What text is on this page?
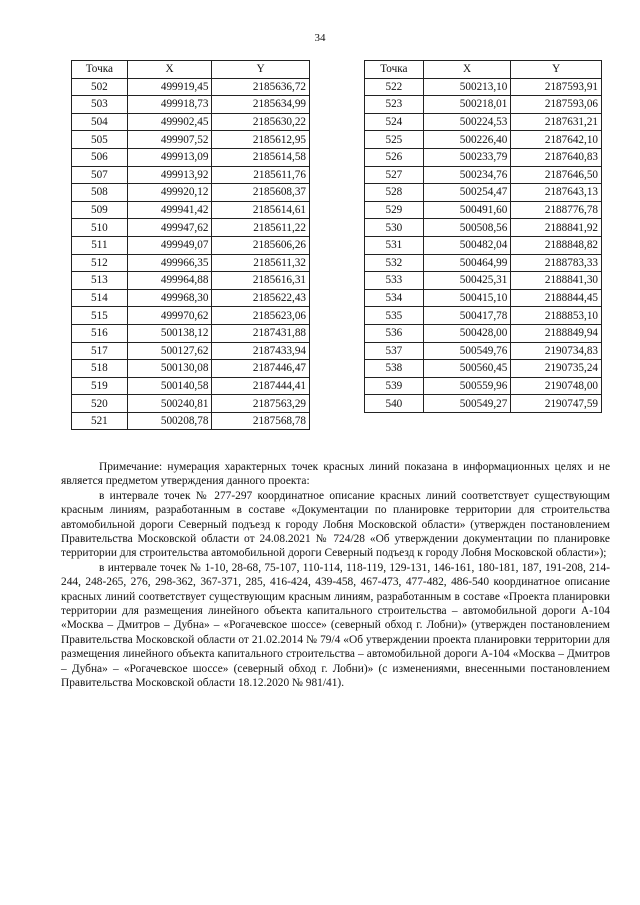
34
Точка	X	Y
502	499919,45	2185636,72
503	499918,73	2185634,99
504	499902,45	2185630,22
505	499907,52	2185612,95
506	499913,09	2185614,58
507	499913,92	2185611,76
508	499920,12	2185608,37
509	499941,42	2185614,61
510	499947,62	2185611,22
511	499949,07	2185606,26
512	499966,35	2185611,32
513	499964,88	2185616,31
514	499968,30	2185622,43
515	499970,62	2185623,06
516	500138,12	2187431,88
517	500127,62	2187433,94
518	500130,08	2187446,47
519	500140,58	2187444,41
520	500240,81	2187563,29
521	500208,78	2187568,78
Точка	X	Y
522	500213,10	2187593,91
523	500218,01	2187593,06
524	500224,53	2187631,21
525	500226,40	2187642,10
526	500233,79	2187640,83
527	500234,76	2187646,50
528	500254,47	2187643,13
529	500491,60	2188776,78
530	500508,56	2188841,92
531	500482,04	2188848,82
532	500464,99	2188783,33
533	500425,31	2188841,30
534	500415,10	2188844,45
535	500417,78	2188853,10
536	500428,00	2188849,94
537	500549,76	2190734,83
538	500560,45	2190735,24
539	500559,96	2190748,00
540	500549,27	2190747,59

Примечание: нумерация характерных точек красных линий показана в информационных целях и не является предметом утверждения данного проекта:

в интервале точек № 277-297 координатное описание красных линий соответствует существующим красным линиям, разработанным в составе «Документации по планировке территории для строительства автомобильной дороги Северный подъезд к городу Лобня Московской области» (утвержден постановлением Правительства Московской области от 24.08.2021 № 724/28 «Об утверждении документации по планировке территории для строительства автомобильной дороги Северный подъезд к городу Лобня Московской области»);

в интервале точек № 1-10, 28-68, 75-107, 110-114, 118-119, 129-131, 146-161, 180-181, 187, 191-208, 214-244, 248-265, 276, 298-362, 367-371, 285, 416-424, 439-458, 467-473, 477-482, 486-540 координатное описание красных линий соответствует существующим красным линиям, разработанным в составе «Проекта планировки территории для размещения линейного объекта капитального строительства – автомобильной дороги А-104 «Москва – Дмитров – Дубна» – «Рогачевское шоссе» (северный обход г. Лобни)» (утвержден постановлением Правительства Московской области от 21.02.2014 № 79/4 «Об утверждении проекта планировки территории для размещения линейного объекта капитального строительства – автомобильной дороги А-104 «Москва – Дмитров – Дубна» – «Рогачевское шоссе» (северный обход г. Лобни)» (с изменениями, внесенными постановлением Правительства Московской области 18.12.2020 № 981/41).
